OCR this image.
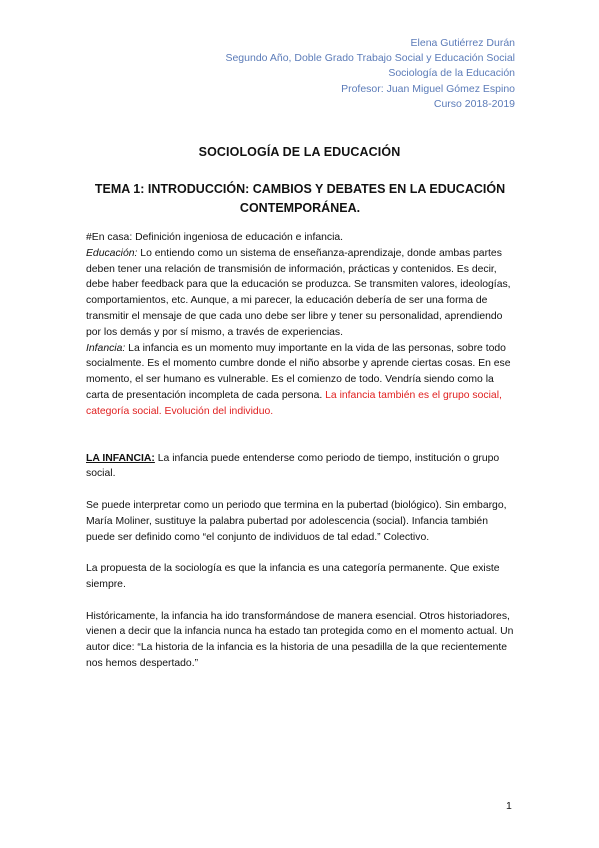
Elena Gutiérrez Durán
Segundo Año, Doble Grado Trabajo Social y Educación Social
Sociología de la Educación
Profesor: Juan Miguel Gómez Espino
Curso 2018-2019
SOCIOLOGÍA DE LA EDUCACIÓN
TEMA 1: INTRODUCCIÓN: CAMBIOS Y DEBATES EN LA EDUCACIÓN CONTEMPORÁNEA.

#En casa: Definición ingeniosa de educación e infancia.

Educación: Lo entiendo como un sistema de enseñanza-aprendizaje, donde ambas partes deben tener una relación de transmisión de información, prácticas y contenidos. Es decir, debe haber feedback para que la educación se produzca. Se transmiten valores, ideologías, comportamientos, etc. Aunque, a mi parecer, la educación debería de ser una forma de transmitir el mensaje de que cada uno debe ser libre y tener su personalidad, aprendiendo por los demás y por sí mismo, a través de experiencias.

Infancia: La infancia es un momento muy importante en la vida de las personas, sobre todo socialmente. Es el momento cumbre donde el niño absorbe y aprende ciertas cosas. En ese momento, el ser humano es vulnerable. Es el comienzo de todo. Vendría siendo como la carta de presentación incompleta de cada persona. La infancia también es el grupo social, categoría social. Evolución del individuo.

LA INFANCIA: La infancia puede entenderse como periodo de tiempo, institución o grupo social.

Se puede interpretar como un periodo que termina en la pubertad (biológico). Sin embargo, María Moliner, sustituye la palabra pubertad por adolescencia (social). Infancia también puede ser definido como “el conjunto de individuos de tal edad.” Colectivo.

La propuesta de la sociología es que la infancia es una categoría permanente. Que existe siempre.

Históricamente, la infancia ha ido transformándose de manera esencial. Otros historiadores, vienen a decir que la infancia nunca ha estado tan protegida como en el momento actual. Un autor dice: “La historia de la infancia es la historia de una pesadilla de la que recientemente nos hemos despertado.”

1
